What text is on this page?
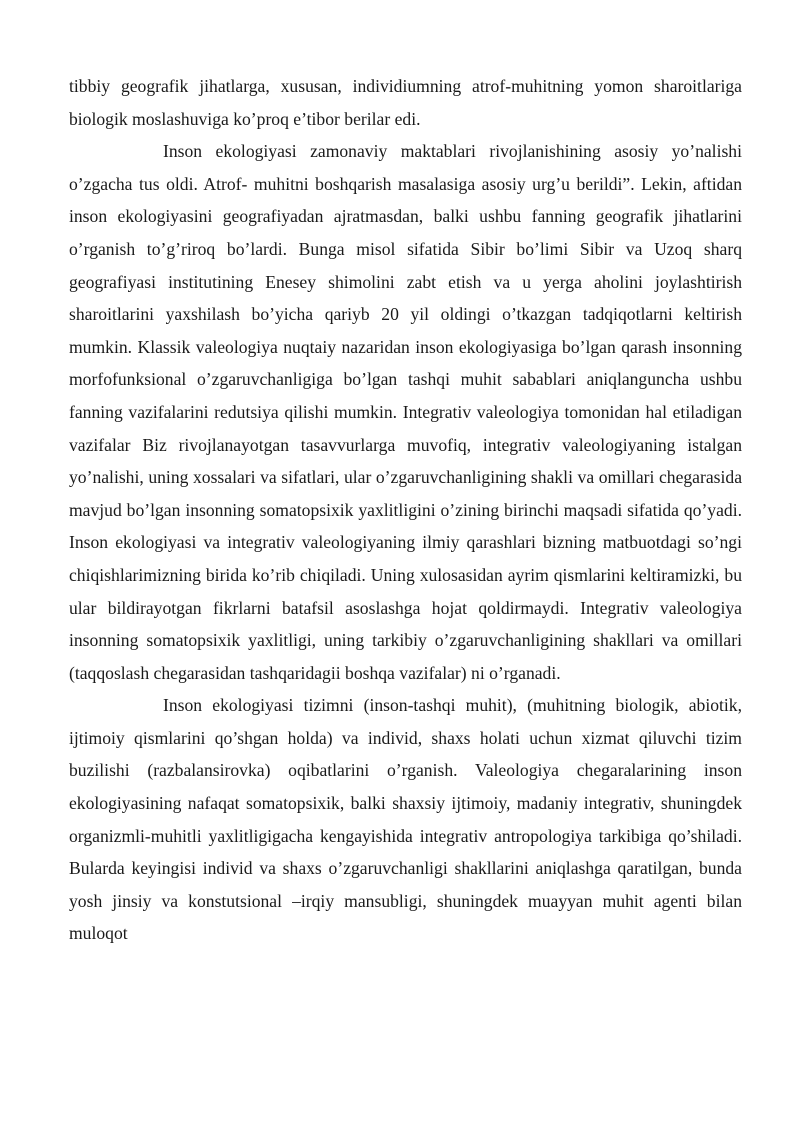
tibbiy geografik jihatlarga, xususan, individiumning atrof-muhitning yomon sharoitlariga biologik moslashuviga ko’proq e’tibor berilar edi.

Inson ekologiyasi zamonaviy maktablari rivojlanishining asosiy yo’nalishi o’zgacha tus oldi. Atrof- muhitni boshqarish masalasiga asosiy urg’u berildi”. Lekin, aftidan inson ekologiyasini geografiyadan ajratmasdan, balki ushbu fanning geografik jihatlarini o’rganish to’g’riroq bo’lardi. Bunga misol sifatida Sibir bo’limi Sibir va Uzoq sharq geografiyasi institutining Enesey shimolini zabt etish va u yerga aholini joylashtirish sharoitlarini yaxshilash bo’yicha qariyb 20 yil oldingi o’tkazgan tadqiqotlarni keltirish mumkin. Klassik valeologiya nuqtaiy nazaridan inson ekologiyasiga bo’lgan qarash insonning morfofunksional o’zgaruvchanligiga bo’lgan tashqi muhit sabablari aniqlanguncha ushbu fanning vazifalarini redutsiya qilishi mumkin. Integrativ valeologiya tomonidan hal etiladigan vazifalar Biz rivojlanayotgan tasavvurlarga muvofiq, integrativ valeologiyaning istalgan yo’nalishi, uning xossalari va sifatlari, ular o’zgaruvchanligining shakli va omillari chegarasida mavjud bo’lgan insonning somatopsixik yaxlitligini o’zining birinchi maqsadi sifatida qo’yadi. Inson ekologiyasi va integrativ valeologiyaning ilmiy qarashlari bizning matbuotdagi so’ngi chiqishlarimizning birida ko’rib chiqiladi. Uning xulosasidan ayrim qismlarini keltiramizki, bu ular bildirayotgan fikrlarni batafsil asoslashga hojat qoldirmaydi. Integrativ valeologiya insonning somatopsixik yaxlitligi, uning tarkibiy o’zgaruvchanligining shakllari va omillari (taqqoslash chegarasidan tashqaridagii boshqa vazifalar) ni o’rganadi.

Inson ekologiyasi tizimni (inson-tashqi muhit), (muhitning biologik, abiotik, ijtimoiy qismlarini qo’shgan holda) va individ, shaxs holati uchun xizmat qiluvchi tizim buzilishi (razbalansirovka) oqibatlarini o’rganish. Valeologiya chegaralarining inson ekologiyasining nafaqat somatopsixik, balki shaxsiy ijtimoiy, madaniy integrativ, shuningdek organizmli-muhitli yaxlitligigacha kengayishida integrativ antropologiya tarkibiga qo’shiladi. Bularda keyingisi individ va shaxs o’zgaruvchanligi shakllarini aniqlashga qaratilgan, bunda yosh jinsiy va konstutsional –irqiy mansubligi, shuningdek muayyan muhit agenti bilan muloqot
